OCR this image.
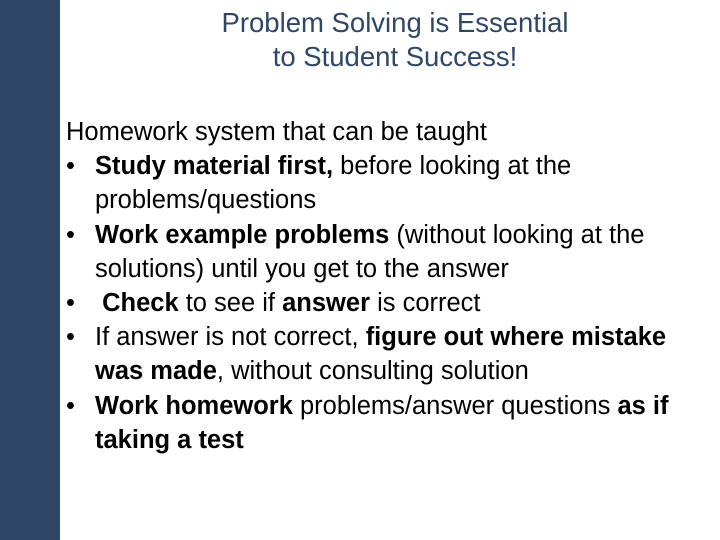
Problem Solving is Essential
to Student Success!
Homework system that can be taught
• Study material first, before looking at the problems/questions
• Work example problems (without looking at the solutions) until you get to the answer
• Check to see if answer is correct
• If answer is not correct, figure out where mistake was made, without consulting solution
• Work homework problems/answer questions as if taking a test
